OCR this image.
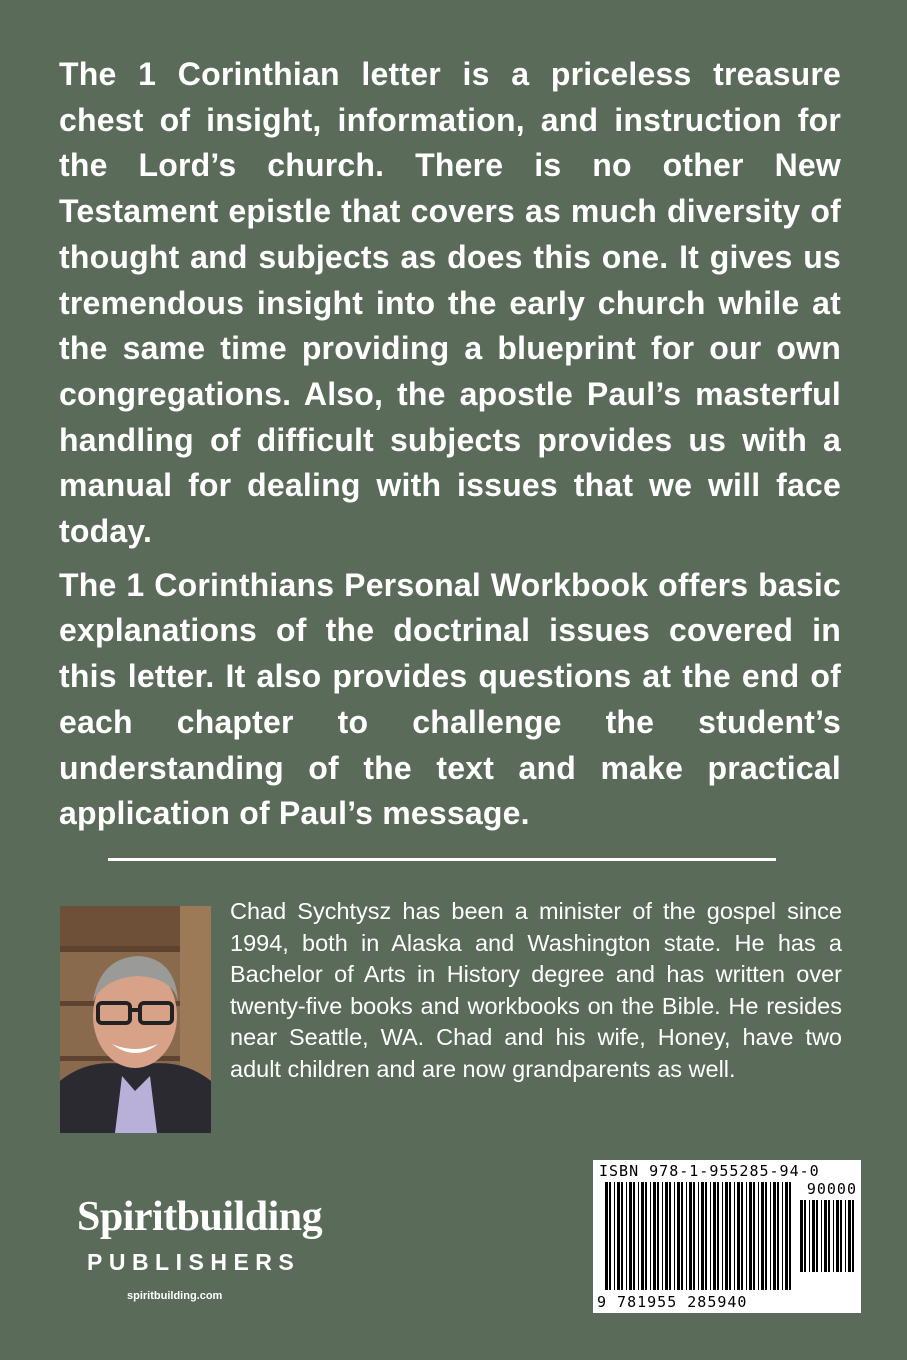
The 1 Corinthian letter is a priceless treasure chest of insight, information, and instruction for the Lord’s church. There is no other New Testament epistle that covers as much diversity of thought and subjects as does this one. It gives us tremendous insight into the early church while at the same time providing a blueprint for our own congregations. Also, the apostle Paul’s masterful handling of difficult subjects provides us with a manual for dealing with issues that we will face today.

The 1 Corinthians Personal Workbook offers basic explanations of the doctrinal issues covered in this letter. It also provides questions at the end of each chapter to challenge the student’s understanding of the text and make practical application of Paul’s message.

Chad Sychtysz has been a minister of the gospel since 1994, both in Alaska and Washington state. He has a Bachelor of Arts in History degree and has written over twenty-five books and workbooks on the Bible. He resides near Seattle, WA. Chad and his wife, Honey, have two adult children and are now grandparents as well.
Spiritbuilding
PUBLISHERS
spiritbuilding.com
ISBN 978-1-955285-94-0
90000
9 781955 285940
